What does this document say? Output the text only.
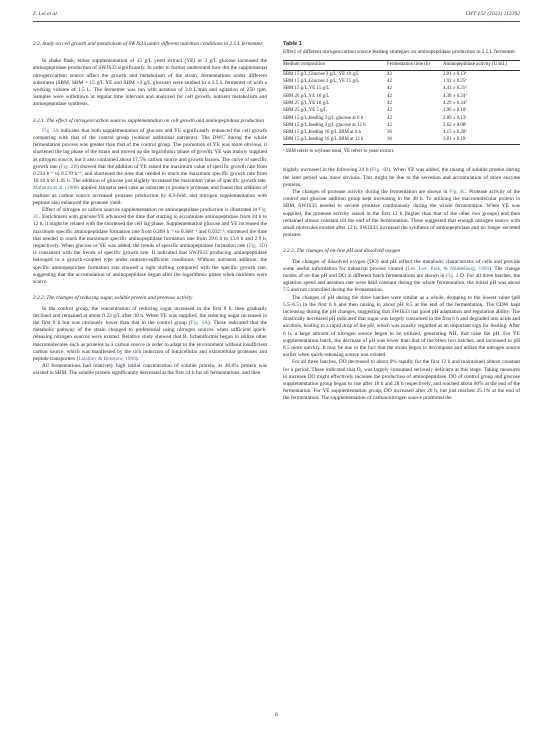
F. Lei et al.	LWT 152 (2021) 112392
3.2. Study on cell growth and metabolism of SWJS33 under different nutrition conditions in 2.5 L fermenter

In shake flask, either supplementation of 15 g/L yeast extract (YE) or 3 g/L glucose increased the aminopeptidase production of SWJS33 significantly. In order to further understand how did the supplemental nitrogen/carbon source affect the growth and metabolism of the strain, fermentations under different substrates (SBM, SBM + 15 g/L YE and SBM +3 g/L glucose) were studied in a 2.5 L fermenter of with a working volume of 1.5 L. The fermenter was run with aeration of 3.0 L/min and agitation of 250 rpm. Samples were withdrawn at regular time intervals and analyzed for cell growth, nutrient metabolism and aminopeptidase synthesis.

3.2.1. The effect of nitrogen/carbon sources supplementation on cell growth and aminopeptidase production

Fig. 3A indicates that both supplementation of glucose and YE significantly enhanced the cell growth comparing with that of the control group (without additional nutrients). The DWC during the whole fermentation process was greater than that of the control group. The promotion of YE was more obvious, it shortened the lag phase of the strain and moved up the logarithmic phase of growth. YE was mainly supplied as nitrogen source, but it also contained about 17.5% carbon source and growth factors. The curve of specific growth rate (Fig. 2B) showed that the addition of YE raised the maximum value of specific growth rate from 0.234 h⁻¹ to 0.570 h⁻¹, and shortened the time that needed to reach the maximum specific growth rate from 10.18 h to 1.45 h. The addition of glucose just slightly increased the maximum value of specific growth rate. Mahanta et al. (2008) applied Jatropha seed cake as substrate to produce protease, and found that addition of maltose as carbon source increased protease production by 6.3-fold, and nitrogen supplementation with peptone also enhanced the protease yield.

Effect of nitrogen or carbon sources supplementation on aminopeptidase production is illustrated in Fig. 3C. Enrichment with glucose/YE advanced the time that starting to accumulate aminopeptidase from 24 h to 12 h, it might be related with the shortened the cell lag phase. Supplementation glucose and YE increased the maximum specific aminopeptidase formation rate from 0.269 h⁻¹ to 0.368⁻¹ and 0.932⁻¹, shortened the time that needed to reach the maximum specific aminopeptidase formation rate from 29.6 h to 13.6 h and 2.9 h, respectively. When glucose or YE was added, the trends of specific aminopeptidase formation rate (Fig. 3D) is consistent with the trends of specific growth rate. It indicated that SWJS33 producing aminopeptidase belonged to a growth-coupled type under nutrient-sufficient conditions. Without nutrients addition, the specific aminopeptidase formation rate showed a right shifting compared with the specific growth rate, suggesting that the accumulation of aminopeptidase began after the logarithmic phase when nutrients were scarce.

3.2.2. The changes of reducing sugar, soluble protein and protease activity

In the control group, the concentration of reducing sugar increased in the first 8 h, then gradually declined and remained at about 0.23 g/L after 30 h. When YE was supplied, the reducing sugar increased in the first 6 h but was obviously lower than that in the control group (Fig. 4A). These indicated that the metabolic pathway of the strain changed to preferential using nitrogen sources when sufficient quick-releasing nitrogen sources were existed. Relative study showed that B. licheniformis begun to utilize other macromolecules such as proteins as a carbon source in order to adapt to the environment without insufficient carbon source, which was manifested by the rich induction of intracellular and extracellular proteases and peptide transporters (Laishley & Bernlohr, 1968).

All fermentations had relatively high initial concentration of soluble protein, as 46.6% protein was existed in SBM. The soluble protein significantly decreased at the first 24 h for all fermentations, and then

Table 1
Effect of different nitrogen/carbon source feeding strategies on aminopeptidase production in 2.5 L fermenter.
Medium composition	Fermentation time (h)	Aminopeptidase activity (U/mL)
SBM 15 g/L,Glucose 3 g/L, YE 10 g/L	42	2.01 ± 0.13ᵉ
SBM 15 g/L,Glucose 3 g/L, YE 15 g/L	42	1.92 ± 0.25ᵉ
SBM 15 g/L,YE 15 g/L	42	4.41 ± 0.21ᵈ
SBM 20 g/L,YE 10 g/L	42	4.38 ± 0.24ᵈ
SBM 25 g/L,YE 10 g/L	42	4.29 ± 0.24ᵈ
SBM 25 g/L,YE 5 g/L	42	1.96 ± 0.10ᵉ
SBM 15 g/L,feeding 3 g/L glucose at 6 h	42	2.89 ± 0.13ᵉ
SBM 15 g/L,feeding 3 g/L glucose at 12 h	42	2.62 ± 0.08ᵇ
SBM 15 g/L,feeding 10 g/L SBM at 6 h	36	4.15 ± 0.20ᵈ
SBM 15 g/L,feeding 10 g/L SBM at 12 h	36	3.81 ± 0.10ᶜ
ᵃ SBM refers to soybean meal, YE refers to yeast extract.

slightly increased in the following 24 h (Fig. 4B). When YE was added, the raising of soluble protein during the later period was more obvious. This might be due to the secretion and accumulation of more enzyme proteins.

The changes of protease activity during the fermentation are shown in Fig. 4C. Protease activity of the control and glucose addition group kept increasing in the 48 h. To utilizing the macromolecular protein in SBM, SWJS33 needed to secrete protease continuously during the whole fermentation. When YE was supplied, the protease activity raised in the first 12 h (higher than that of the other two groups) and then remained almost constant till the end of the fermentation. These suggested that enough nitrogen source with small molecules existed after 12 h, SWJS33 increased the synthesis of aminopeptidase and no longer secreted protease.

3.2.3. The changes of on-line pH and dissolved oxygen

The changes of dissolved oxygen (DO) and pH reflect the metabolic characteristic of cells and provide some useful information for industrial process control (Lee, Lee, Park, & Middelberg, 1999). The change modes of on-line pH and DO in different batch fermentations are shown in Fig. 4 D. For all three batches, the agitation speed and aeration rate were held constant during the whole fermentation, the initial pH was about 7.5 and not controlled during the fermentation.

The changes of pH during the three batches were similar as a whole, dropping to the lowest value (pH 5.5–6.5) in the first 6 h and then raising to about pH 8.5 at the end of the fermentation. The CDW kept increasing during the pH changes, suggesting that SWJS33 has good pH adaptation and regulation ability. The drastically decreased pH indicated that sugar was largely consumed in the first 6 h and degraded into acids and alcohols, leading to a rapid drop of the pH, which was usually regarded as an important sign for feeding. After 6 h, a large amount of nitrogen source began to be utilized, generating NH₃ that raise the pH. For YE supplementation batch, the decrease of pH was lower than that of the other two batches, and increased to pH 8.5 more quickly. It may be due to the fact that the strain began to decompose and utilize the nitrogen source earlier when quick-releasing source was existed.

For all three batches, DO decreased to about 0% rapidly for the first 12 h and maintained almost constant for a period. These indicated that O₂ was largely consumed seriously deficient at this stage. Taking measures to increase DO might effectively increase the production of aminopeptidase. DO of control group and glucose supplementation group began to rise after 18 h and 28 h respectively, and reached about 80% at the end of the fermentation. For YE supplementation group, DO increased after 26 h, but just reached 25.1% at the end of the fermentation. The supplementation of carbon/nitrogen source promoted the

6
